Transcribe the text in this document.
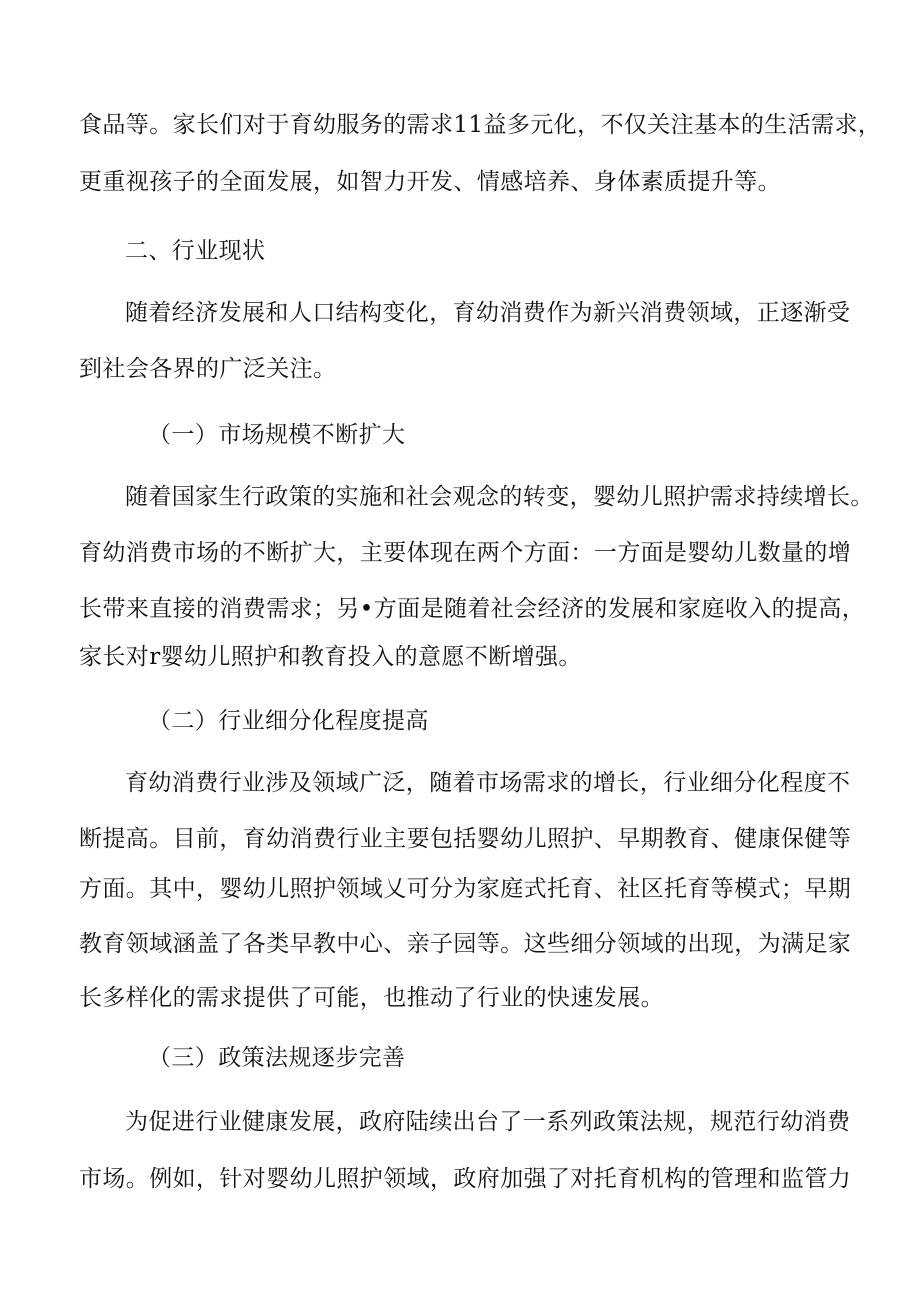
食品等。家长们对于育幼服务的需求11益多元化，不仅关注基本的生活需求，
更重视孩子的全面发展，如智力开发、情感培养、身体素质提升等。
二、行业现状
随着经济发展和人口结构变化，育幼消费作为新兴消费领域，正逐渐受
到社会各界的广泛关注。
（一）市场规模不断扩大
随着国家生行政策的实施和社会观念的转变，婴幼儿照护需求持续增长。
育幼消费市场的不断扩大，主要体现在两个方面：一方面是婴幼儿数量的增
长带来直接的消费需求；另•方面是随着社会经济的发展和家庭收入的提高，
家长对r婴幼儿照护和教育投入的意愿不断增强。
（二）行业细分化程度提高
育幼消费行业涉及领域广泛，随着市场需求的增长，行业细分化程度不
断提高。目前，育幼消费行业主要包括婴幼儿照护、早期教育、健康保健等
方面。其中，婴幼儿照护领域乂可分为家庭式托育、社区托育等模式；早期
教育领域涵盖了各类早教中心、亲子园等。这些细分领域的出现，为满足家
长多样化的需求提供了可能，也推动了行业的快速发展。
（三）政策法规逐步完善
为促进行业健康发展，政府陆续出台了一系列政策法规，规范行幼消费
市场。例如，针对婴幼儿照护领域，政府加强了对托育机构的管理和监管力
